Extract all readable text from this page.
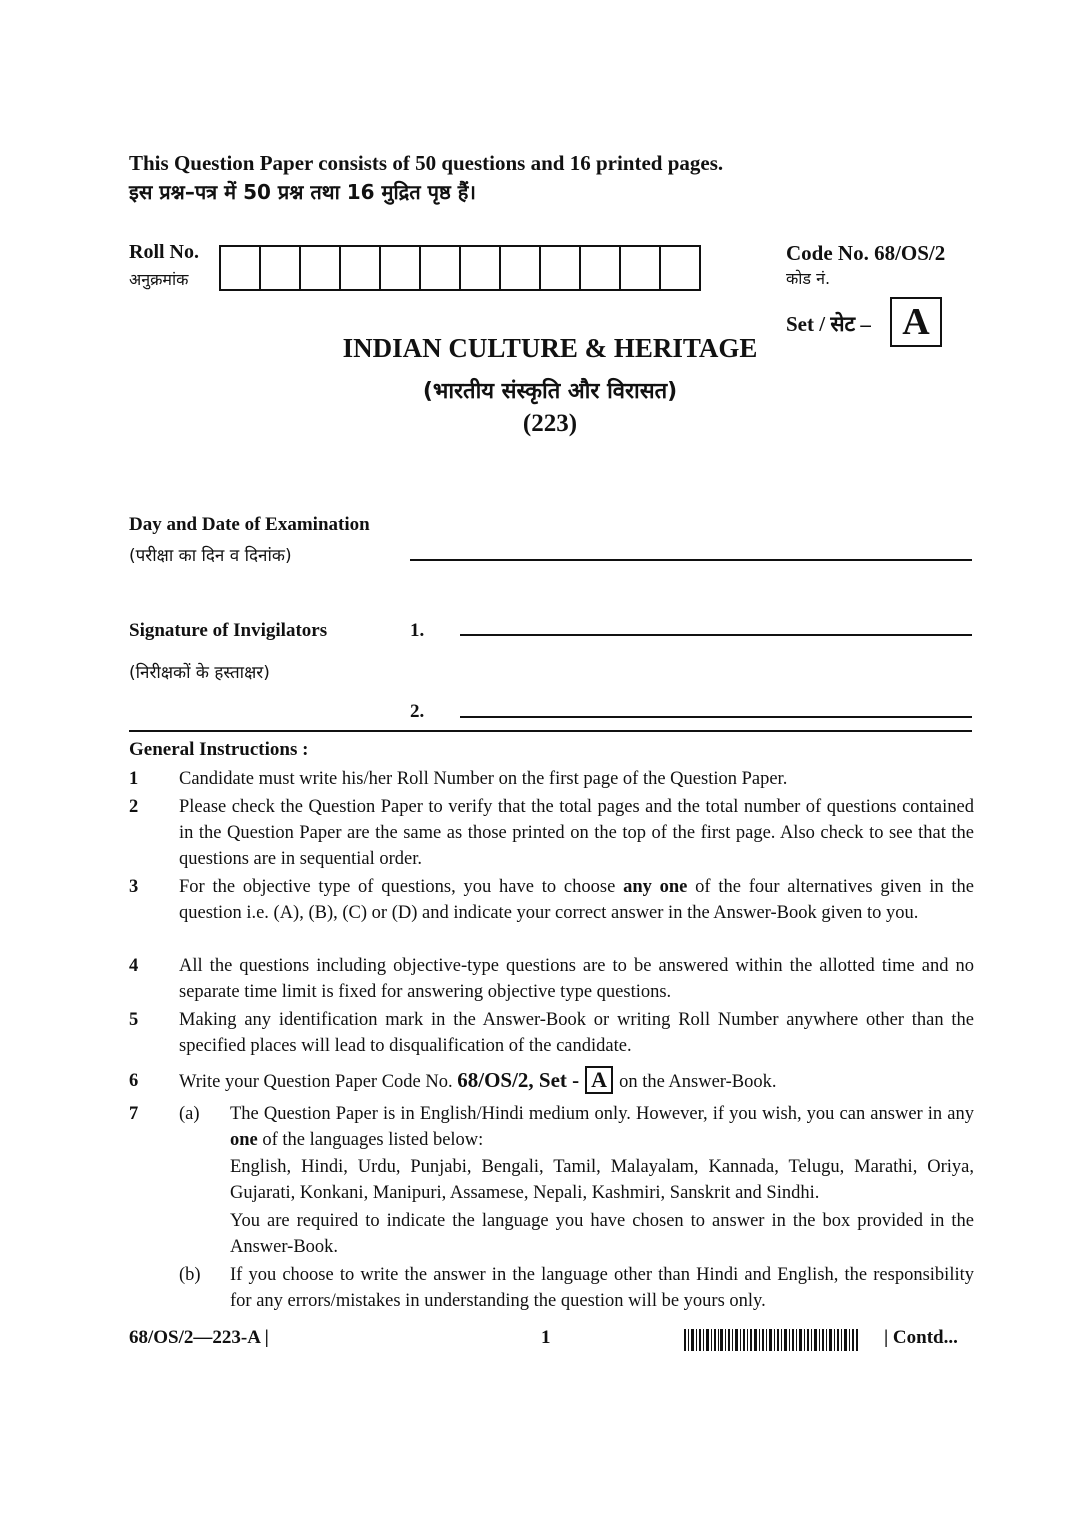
This Question Paper consists of 50 questions and 16 printed pages.
इस प्रश्न–पत्र में 50 प्रश्न तथा 16 मुद्रित पृष्ठ हैं।
Roll No.
अनुक्रमांक
Code No. 68/OS/2
कोड नं.
Set / सेट – A
INDIAN CULTURE & HERITAGE
(भारतीय संस्कृति और विरासत)
(223)
Day and Date of Examination
(परीक्षा का दिन व दिनांक)
Signature of Invigilators	1.
(निरीक्षकों के हस्ताक्षर)
2.
General Instructions :
1	Candidate must write his/her Roll Number on the first page of the Question Paper.
2	Please check the Question Paper to verify that the total pages and the total number of questions contained in the Question Paper are the same as those printed on the top of the first page. Also check to see that the questions are in sequential order.
3	For the objective type of questions, you have to choose any one of the four alternatives given in the question i.e. (A), (B), (C) or (D) and indicate your correct answer in the Answer-Book given to you.
4	All the questions including objective-type questions are to be answered within the allotted time and no separate time limit is fixed for answering objective type questions.
5	Making any identification mark in the Answer-Book or writing Roll Number anywhere other than the specified places will lead to disqualification of the candidate.
6	Write your Question Paper Code No. 68/OS/2, Set - A on the Answer-Book.
7	(a)	The Question Paper is in English/Hindi medium only. However, if you wish, you can answer in any one of the languages listed below:
English, Hindi, Urdu, Punjabi, Bengali, Tamil, Malayalam, Kannada, Telugu, Marathi, Oriya, Gujarati, Konkani, Manipuri, Assamese, Nepali, Kashmiri, Sanskrit and Sindhi.
You are required to indicate the language you have chosen to answer in the box provided in the Answer-Book.
(b)	If you choose to write the answer in the language other than Hindi and English, the responsibility for any errors/mistakes in understanding the question will be yours only.
68/OS/2—223-A |	1	| Contd...
